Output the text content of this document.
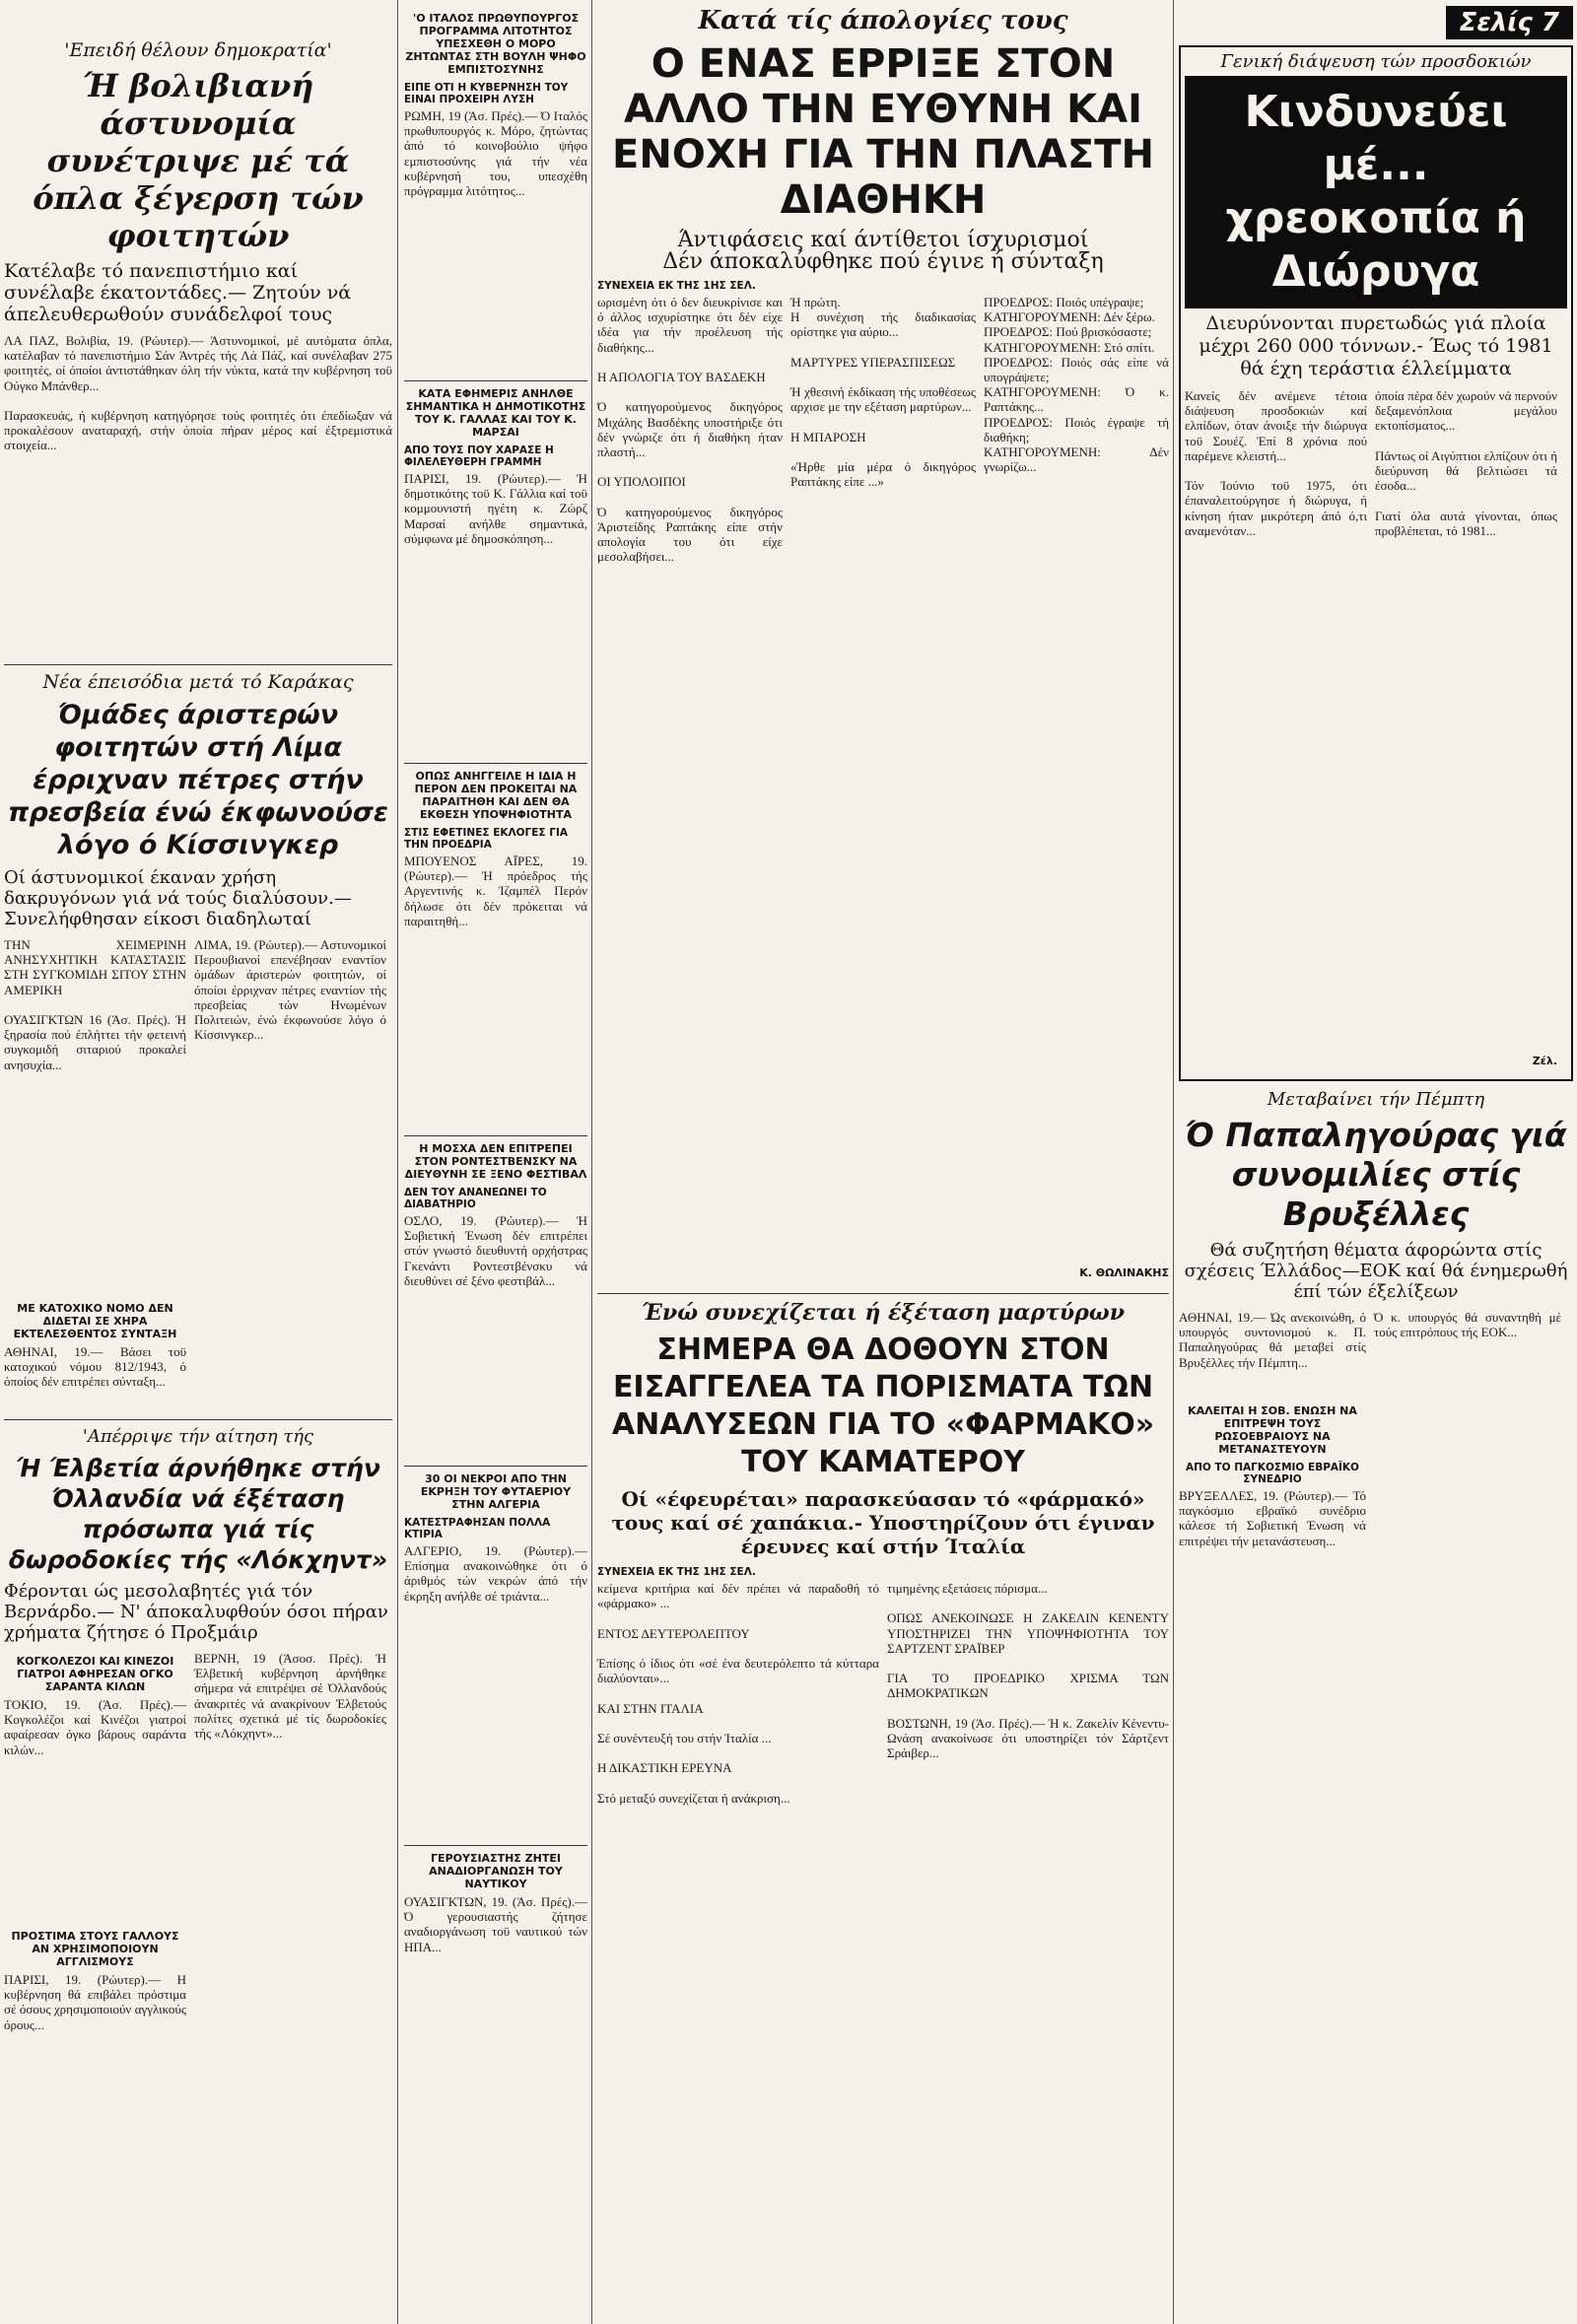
'Επειδή θέλουν δημοκρατία'

Ή βολιβιανή άστυνομία συνέτριψε μέ τά όπλα ξέγερση τών φοιτητών

Κατέλαβε τό πανεπιστήμιο καί συνέλαβε έκατοντάδες.— Ζητούν νά άπελευθερωθούν συνάδελφοί τους

ΛΑ ΠΑΖ, Βολιβία, 19. (Ρώυτερ).— Άστυνομικοί, μέ αυτόματα όπλα, κατέλαβαν τό πανεπιστήμιο Σάν Άντρές τής Λά Πάζ, καί συνέλαβαν 275 φοιτητές, οί όποίοι άντιστάθηκαν όλη τήν νύκτα, κατά την κυβέρνηση τοϋ Ούγκο Μπάνθερ...

Παρασκευάς, ή κυβέρνηση κατηγόρησε τούς φοιτητές ότι έπεδίωξαν νά προκαλέσουν αναταραχή, στήν όποία πήραν μέρος καί έξτρεμιστικά στοιχεία...

Νέα έπεισόδια μετά τό Καράκας

Όμάδες άριστερών φοιτητών στή Λίμα έρριχναν πέτρες στήν πρεσβεία ένώ έκφωνούσε λόγο ό Κίσσινγκερ

Οί άστυνομικοί έκαναν χρήση δακρυγόνων γιά νά τούς διαλύσουν.— Συνελήφθησαν είκοσι διαδηλωταί

ΤΗΝ ΧΕΙΜΕΡΙΝΗ ΑΝΗΣΥΧΗΤΙΚΗ ΚΑΤΑΣΤΑΣΙΣ ΣΤΗ ΣΥΓΚΟΜΙΔΗ ΣΙΤΟΥ ΣΤΗΝ ΑΜΕΡΙΚΗ

ΟΥΑΣΙΓΚΤΩΝ 16 (Άσ. Πρές). Ή ξηρασία πού έπλήττει τήν φετεινή συγκομιδή σιταριού προκαλεί ανησυχία...

ΛΙΜΑ, 19. (Ρώυτερ).— Αστυνομικοί Περουβιανοί επενέβησαν εναντίον όμάδων άριστερών φοιτητών, οί όποίοι έρριχναν πέτρες εναντίον τής πρεσβείας τών Ηνωμένων Πολιτειών, ένώ έκφωνούσε λόγο ό Κίσσινγκερ...

ΜΕ ΚΑΤΟΧΙΚΟ ΝΟΜΟ ΔΕΝ ΔΙΔΕΤΑΙ ΣΕ ΧΗΡΑ ΕΚΤΕΛΕΣΘΕΝΤΟΣ ΣΥΝΤΑΞΗ

ΑΘΗΝΑΙ, 19.— Βάσει τοϋ κατοχικού νόμου 812/1943, ό όποίος δέν επιτρέπει σύνταξη...

'Απέρριψε τήν αίτηση τής

Ή Έλβετία άρνήθηκε στήν Όλλανδία νά έξέταση πρόσωπα γιά τίς δωροδοκίες τής «Λόκχηντ»

Φέρονται ώς μεσολαβητές γιά τόν Βερνάρδο.— Ν' άποκαλυφθούν όσοι πήραν χρήματα ζήτησε ό Προξμάιρ

ΚΟΓΚΟΛΕΖΟΙ ΚΑΙ ΚΙΝΕΖΟΙ ΓΙΑΤΡΟΙ ΑΦΗΡΕΣΑΝ ΟΓΚΟ ΣΑΡΑΝΤΑ ΚΙΛΩΝ

ΤΟΚΙΟ, 19. (Άσ. Πρές).— Κογκολέζοι καί Κινέζοι γιατροί αφαίρεσαν όγκο βάρους σαράντα κιλών...

ΠΡΟΣΤΙΜΑ ΣΤΟΥΣ ΓΑΛΛΟΥΣ ΑΝ ΧΡΗΣΙΜΟΠΟΙΟΥΝ ΑΓΓΛΙΣΜΟΥΣ

ΠΑΡΙΣΙ, 19. (Ρώυτερ).— Η κυβέρνηση θά επιβάλει πρόστιμα σέ όσους χρησιμοποιούν αγγλικούς όρους...

ΒΕΡΝΗ, 19 (Άσοσ. Πρές). Ή Έλβετική κυβέρνηση άρνήθηκε σήμερα νά επιτρέψει σέ Όλλανδούς άνακριτές νά ανακρίνουν Έλβετούς πολίτες σχετικά μέ τίς δωροδοκίες τής «Λόκχηντ»...

'Ο ΙΤΑΛΟΣ ΠΡΩΘΥΠΟΥΡΓΟΣ ΠΡΟΓΡΑΜΜΑ ΛΙΤΟΤΗΤΟΣ ΥΠΕΣΧΕΘΗ Ο ΜΟΡΟ ΖΗΤΩΝΤΑΣ ΣΤΗ ΒΟΥΛΗ ΨΗΦΟ ΕΜΠΙΣΤΟΣΥΝΗΣ

ΕΙΠΕ ΟΤΙ Η ΚΥΒΕΡΝΗΣΗ ΤΟΥ ΕΙΝΑΙ ΠΡΟΧΕΙΡΗ ΛΥΣΗ

ΡΩΜΗ, 19 (Άσ. Πρές).— Ό Ιταλός πρωθυπουργός κ. Μόρο, ζητώντας άπό τό κοινοβούλιο ψήφο εμπιστοσύνης γιά τήν νέα κυβέρνησή του, υπεσχέθη πρόγραμμα λιτότητος...

ΚΑΤΑ ΕΦΗΜΕΡΙΣ ΑΝΗΛΘΕ ΣΗΜΑΝΤΙΚΑ Η ΔΗΜΟΤΙΚΟΤΗΣ ΤΟΥ Κ. ΓΑΛΛΑΣ ΚΑΙ ΤΟΥ Κ. ΜΑΡΣΑΙ

ΑΠΟ ΤΟΥΣ ΠΟΥ ΧΑΡΑΣΕ Η ΦΙΛΕΛΕΥΘΕΡΗ ΓΡΑΜΜΗ

ΠΑΡΙΣΙ, 19. (Ρώυτερ).— Ή δημοτικότης τοϋ Κ. Γάλλια καί τοϋ κομμουνιστή ηγέτη κ. Ζώρζ Μαρσαί ανήλθε σημαντικά, σύμφωνα μέ δημοσκόπηση...

ΟΠΩΣ ΑΝΗΓΓΕΙΛΕ Η ΙΔΙΑ Η ΠΕΡΟΝ ΔΕΝ ΠΡΟΚΕΙΤΑΙ ΝΑ ΠΑΡΑΙΤΗΘΗ ΚΑΙ ΔΕΝ ΘΑ ΕΚΘΕΣΗ ΥΠΟΨΗΦΙΟΤΗΤΑ

ΣΤΙΣ ΕΦΕΤΙΝΕΣ ΕΚΛΟΓΕΣ ΓΙΑ ΤΗΝ ΠΡΟΕΔΡΙΑ

ΜΠΟΥΕΝΟΣ ΑΪΡΕΣ, 19. (Ρώυτερ).— Ή πρόεδρος τής Αργεντινής κ. Ίζαμπέλ Περόν δήλωσε ότι δέν πρόκειται νά παραιτηθή...

Η ΜΟΣΧΑ ΔΕΝ ΕΠΙΤΡΕΠΕΙ ΣΤΟΝ ΡΟΝΤΕΣΤΒΕΝΣΚΥ ΝΑ ΔΙΕΥΘΥΝΗ ΣΕ ΞΕΝΟ ΦΕΣΤΙΒΑΛ

ΔΕΝ ΤΟΥ ΑΝΑΝΕΩΝΕΙ ΤΟ ΔΙΑΒΑΤΗΡΙΟ

ΟΣΛΟ, 19. (Ρώυτερ).— Ή Σοβιετική Ένωση δέν επιτρέπει στόν γνωστό διευθυντή ορχήστρας Γκενάντι Ροντεστβένσκυ νά διευθύνει σέ ξένο φεστιβάλ...

30 ΟΙ ΝΕΚΡΟΙ ΑΠΟ ΤΗΝ ΕΚΡΗΞΗ ΤΟΥ ΦΥΤΑΕΡΙΟΥ ΣΤΗΝ ΑΛΓΕΡΙΑ

ΚΑΤΕΣΤΡΑΦΗΣΑΝ ΠΟΛΛΑ ΚΤΙΡΙΑ

ΑΛΓΕΡΙΟ, 19. (Ρώυτερ).— Επίσημα ανακοινώθηκε ότι ό άριθμός τών νεκρών άπό τήν έκρηξη ανήλθε σέ τριάντα...

ΓΕΡΟΥΣΙΑΣΤΗΣ ΖΗΤΕΙ ΑΝΑΔΙΟΡΓΑΝΩΣΗ ΤΟΥ ΝΑΥΤΙΚΟΥ

ΟΥΑΣΙΓΚΤΩΝ, 19. (Άσ. Πρές).— Ό γερουσιαστής ζήτησε αναδιοργάνωση τοϋ ναυτικού τών ΗΠΑ...

Κατά τίς άπολογίες τους

Ο ΕΝΑΣ ΕΡΡΙΞΕ ΣΤΟΝ ΑΛΛΟ ΤΗΝ ΕΥΘΥΝΗ ΚΑΙ ΕΝΟΧΗ ΓΙΑ ΤΗΝ ΠΛΑΣΤΗ ΔΙΑΘΗΚΗ

Άντιφάσεις καί άντίθετοι ίσχυρισμοί

Δέν άποκαλύφθηκε πού έγινε ή σύνταξη

ΣΥΝΕΧΕΙΑ ΕΚ ΤΗΣ 1ΗΣ ΣΕΛ.

ωρισμένη ότι ό δεν διευκρίνισε και ό άλλος ισχυρίστηκε ότι δέν είχε ιδέα για τήν προέλευση τής διαθήκης...

Η ΑΠΟΛΟΓΙΑ ΤΟΥ ΒΑΣΔΕΚΗ

Ό κατηγορούμενος δικηγόρος Μιχάλης Βασδέκης υποστήριξε ότι δέν γνώριζε ότι ή διαθήκη ήταν πλαστή...

ΟΙ ΥΠΟΛΟΙΠΟΙ

Ό κατηγορούμενος δικηγόρος Άριστείδης Ραπτάκης είπε στήν απολογία του ότι είχε μεσολαβήσει...

Ή πρώτη.
Η συνέχιση τής διαδικασίας ορίστηκε για αύριο...

ΜΑΡΤΥΡΕΣ ΥΠΕΡΑΣΠΙΣΕΩΣ

Ή χθεσινή έκδίκαση τής υποθέσεως αρχισε με την εξέταση μαρτύρων...

Η ΜΠΑΡΟΣΗ

«Ήρθε μία μέρα ό δικηγόρος Ραπτάκης είπε ...»

ΠΡΟΕΔΡΟΣ: Ποιός υπέγραψε;
ΚΑΤΗΓΟΡΟΥΜΕΝΗ: Δέν ξέρω.
ΠΡΟΕΔΡΟΣ: Πού βρισκόσαστε;
ΚΑΤΗΓΟΡΟΥΜΕΝΗ: Στό σπίτι.
ΠΡΟΕΔΡΟΣ: Ποιός σάς είπε νά υπογράψετε;
ΚΑΤΗΓΟΡΟΥΜΕΝΗ: Ό κ. Ραπτάκης...
ΠΡΟΕΔΡΟΣ: Ποιός έγραψε τή διαθήκη;
ΚΑΤΗΓΟΡΟΥΜΕΝΗ: Δέν γνωρίζω...

Κ. ΘΩΛΙΝΑΚΗΣ

Ένώ συνεχίζεται ή έξέταση μαρτύρων

ΣΗΜΕΡΑ ΘΑ ΔΟΘΟΥΝ ΣΤΟΝ ΕΙΣΑΓΓΕΛΕΑ ΤΑ ΠΟΡΙΣΜΑΤΑ ΤΩΝ ΑΝΑΛΥΣΕΩΝ ΓΙΑ ΤΟ «ΦΑΡΜΑΚΟ» ΤΟΥ ΚΑΜΑΤΕΡΟΥ

Οί «έφευρέται» παρασκεύασαν τό «φάρμακό» τους καί σέ χαπάκια.- Υποστηρίζουν ότι έγιναν έρευνες καί στήν Ίταλία

ΣΥΝΕΧΕΙΑ ΕΚ ΤΗΣ 1ΗΣ ΣΕΛ.

κείμενα κριτήρια καί δέν πρέπει νά παραδοθή τό «φάρμακο» ...

ΕΝΤΟΣ ΔΕΥΤΕΡΟΛΕΠΤΟΥ

Έπίσης ό ίδιος ότι «σέ ένα δευτερόλεπτο τά κύτταρα διαλύονται»...

ΚΑΙ ΣΤΗΝ ΙΤΑΛΙΑ

Σέ συνέντευξή του στήν Ίταλία ...

Η ΔΙΚΑΣΤΙΚΗ ΕΡΕΥΝΑ

Στό μεταξύ συνεχίζεται ή ανάκριση...

τιμημένης εξετάσεις πόρισμα...

ΟΠΩΣ ΑΝΕΚΟΙΝΩΣΕ Η ΖΑΚΕΛΙΝ ΚΕΝΕΝΤΥ ΥΠΟΣΤΗΡΙΖΕΙ ΤΗΝ ΥΠΟΨΗΦΙΟΤΗΤΑ ΤΟΥ ΣΑΡΤΖΕΝΤ ΣΡΑΪΒΕΡ

ΓΙΑ ΤΟ ΠΡΟΕΔΡΙΚΟ ΧΡΙΣΜΑ ΤΩΝ ΔΗΜΟΚΡΑΤΙΚΩΝ

ΒΟΣΤΩΝΗ, 19 (Άσ. Πρές).— Ή κ. Ζακελίν Κένεντυ-Ωνάση ανακοίνωσε ότι υποστηρίζει τόν Σάρτζεντ Σράιβερ...

Σελίς 7

Γενική διάψευση τών προσδοκιών

Κινδυνεύει μέ... χρεοκοπία ή Διώρυγα

Διευρύνονται πυρετωδώς γιά πλοία μέχρι 260 000 τόννων.- Έως τό 1981 θά έχη τεράστια έλλείμματα

Κανείς δέν ανέμενε τέτοια διάψευση προσδοκιών καί ελπίδων, όταν άνοιξε τήν διώρυγα τοϋ Σουέζ. Έπί 8 χρόνια πού παρέμενε κλειστή...

Τόν Ίούνιο τοϋ 1975, ότι έπαναλειτούργησε ή διώρυγα, ή κίνηση ήταν μικρότερη άπό ό,τι αναμενόταν...

όποία πέρα δέν χωρούν νά περνούν δεξαμενόπλοια μεγάλου εκτοπίσματος...

Πάντως οί Αιγύπτιοι ελπίζουν ότι ή διεύρυνση θά βελτιώσει τά έσοδα...

Γιατί όλα αυτά γίνονται, όπως προβλέπεται, τό 1981...

Ζέλ.

Μεταβαίνει τήν Πέμπτη

Ό Παπαληγούρας γιά συνομιλίες στίς Βρυξέλλες

Θά συζητήση θέματα άφορώντα στίς σχέσεις Έλλάδος—ΕΟΚ καί θά ένημερωθή έπί τών έξελίξεων

ΑΘΗΝΑΙ, 19.— Ώς ανεκοινώθη, ό υπουργός συντονισμού κ. Π. Παπαληγούρας θά μεταβεί στίς Βρυξέλλες τήν Πέμπτη...

ΚΑΛΕΙΤΑΙ Η ΣΟΒ. ΕΝΩΣΗ ΝΑ ΕΠΙΤΡΕΨΗ ΤΟΥΣ ΡΩΣΟΕΒΡΑΙΟΥΣ ΝΑ ΜΕΤΑΝΑΣΤΕΥΟΥΝ

ΑΠΟ ΤΟ ΠΑΓΚΟΣΜΙΟ ΕΒΡΑΪΚΟ ΣΥΝΕΔΡΙΟ

ΒΡΥΞΕΛΛΕΣ, 19. (Ρώυτερ).— Τό παγκόσμιο εβραϊκό συνέδριο κάλεσε τή Σοβιετική Ένωση νά επιτρέψει τήν μετανάστευση...

Ό κ. υπουργός θά συναντηθή μέ τούς επιτρόπους τής ΕΟΚ...
